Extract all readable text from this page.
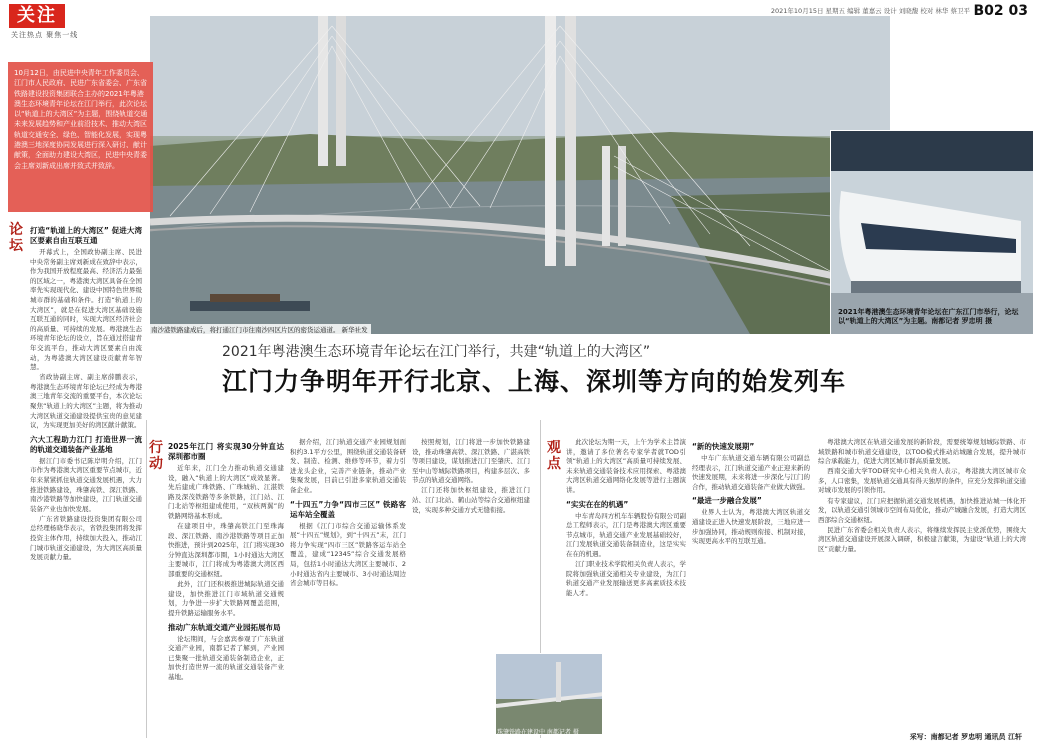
关注
关注热点 聚焦一线
2021年10月15日 星期五 编辑 董嘉云 设计 刘晓馥 校对 林华 蔡卫平 B02 03
南沙港铁路建成后，将打通江门市往南沙四区片区的密货运通道。 新华社发
10月12日，由民进中央青年工作委员会、江门市人民政府、民进广东省委会、广东省铁路建设投资集团联合主办的2021年粤港澳生态环境青年论坛在江门举行，此次论坛以“轨道上的大湾区”为主题，围绕轨道交通未来发展趋势和产业前沿技术、推动大湾区轨道交通安全、绿色、智能化发展，实现粤港澳三地深度协同发展进行深入研讨、献计献策，全面助力建设大湾区，民进中央青委会主席刘新成出席并致式并致辞。
2021年粤港澳生态环境青年论坛在广东江门市举行，论坛以“轨道上的大湾区”为主题。南都记者 罗忠明 摄
2021年粤港澳生态环境青年论坛在江门举行，共建“轨道上的大湾区”
江门力争明年开行北京、上海、深圳等方向的始发列车
论坛
行动
观点
打造“轨道上的大湾区” 促进大湾区要素自由互联互通

开幕式上，全国政协副主席、民进中央常务副主席刘新成在致辞中表示，作为我国开放程度最高、经济活力最强的区域之一，粤港澳大湾区具备在全国率先实现现代化、建设中国特色世界级城市群的基础和条件。打造“轨道上的大湾区”，就是在促进大湾区基础设施互联互通的同时，实现大湾区经济社会的高质量、可持续的发展。粤港澳生态环境青年论坛的设立，旨在通过搭建青年交流平台，推动大湾区要素自由流动，为粤港澳大湾区建设贡献青年智慧。

省政协副主席、副主席薛鹏表示，粤港澳生态环境青年论坛已经成为粤港澳三地青年交流的重要平台，本次论坛聚焦“轨道上的大湾区”主题，将为推动大湾区轨道交通建设提供宝贵的意见建议，为实现更加美好的湾区献计献策。

六大工程助力江门 打造世界一流的轨道交通装备产业基地

据江门市委书记陈岸明介绍，江门市作为粤港澳大湾区重要节点城市，近年来紧紧抓住轨道交通发展机遇，大力推进铁路建设，珠肇高铁、深江铁路、南沙港铁路等加快建设，江门轨道交通装备产业也加快发展。

广东省铁路建设投资集团有限公司总经理杨晓华表示，省铁投集团将发挥投资主体作用，持续加大投入，推动江门城市轨道交通建设，为大湾区高质量发展贡献力量。

2025年江门 将实现30分钟直达深圳都市圈

近年来，江门全力推动轨道交通建设，融入“轨道上的大湾区”成效显著。先后建成广珠铁路、广珠城轨、江湛铁路及深茂铁路等多条铁路，江门站、江门北站等枢纽建成使用，“双核两翼”的铁路网络基本形成。

在建项目中，珠肇高铁江门至珠海段、深江铁路、南沙港铁路等项目正加快推进，预计到2025年，江门将实现30分钟直达深圳都市圈，1小时通达大湾区主要城市，江门将成为粤港澳大湾区西部重要的交通枢纽。

此外，江门还积极推进城际轨道交通建设，加快推进江门市域轨道交通规划，力争进一步扩大铁路网覆盖范围，提升铁路运输服务水平。

推动广东轨道交通产业园拓展布局

论坛期间，与会嘉宾参观了广东轨道交通产业园，南都记者了解到，产业园已集聚一批轨道交通装备制造企业，正加快打造世界一流的轨道交通装备产业基地。

据介绍，江门轨道交通产业园规划面积约3.1平方公里，围绕轨道交通装备研发、制造、检测、维修等环节，着力引进龙头企业，完善产业链条，推动产业集聚发展，目前已引进多家轨道交通装备企业。

“十四五”力争“四市三区” 铁路客运车站全覆盖

根据《江门市综合交通运输体系发展“十四五”规划》，到“十四五”末，江门将力争实现“四市三区”铁路客运车站全覆盖，建成“12345”综合交通发展格局，包括1小时通达大湾区主要城市、2小时通达省内主要城市、3小时通达周边省会城市等目标。

按照规划，江门将进一步加快铁路建设，推动珠肇高铁、深江铁路、广湛高铁等项目建设，谋划推进江门至肇庆、江门至中山等城际铁路项目，构建多层次、多节点的轨道交通网络。

江门还将加快枢纽建设，推进江门站、江门北站、鹤山站等综合交通枢纽建设，实现多种交通方式无缝衔接。

此次论坛为期一天，上午为学术主旨演讲，邀请了多位著名专家学者就TOD引领“轨道上的大湾区”高质量可持续发展、未来轨道交通装备技术应用探索、粤港澳大湾区轨道交通网络化发展等进行主题演讲。

“实实在在的机遇”

中车青岛四方机车车辆股份有限公司副总工程师表示，江门是粤港澳大湾区重要节点城市，轨道交通产业发展基础较好，江门发展轨道交通装备制造业，这是实实在在的机遇。

江门职业技术学院相关负责人表示，学院将加强轨道交通相关专业建设，为江门轨道交通产业发展输送更多高素质技术技能人才。

“新的快速发展期”

中车广东轨道交通车辆有限公司副总经理表示，江门轨道交通产业正迎来新的快速发展期，未来将进一步深化与江门的合作，推动轨道交通装备产业做大做强。

“最进一步融合发展”

业界人士认为，粤港澳大湾区轨道交通建设正进入快速发展阶段，三地应进一步加强协同，推动规则衔接、机制对接，实现更高水平的互联互通。

粤港澳大湾区在轨道交通发展的新阶段，需要统筹规划城际铁路、市域铁路和城市轨道交通建设，以TOD模式推动站城融合发展，提升城市综合承载能力，促进大湾区城市群高质量发展。

西南交通大学TOD研究中心相关负责人表示，粤港澳大湾区城市众多，人口密集，发展轨道交通具有得天独厚的条件，应充分发挥轨道交通对城市发展的引领作用。

有专家建议，江门应把握轨道交通发展机遇，加快推进站城一体化开发，以轨道交通引领城市空间布局优化，推动产城融合发展，打造大湾区西部综合交通枢纽。

民进广东省委会相关负责人表示，将继续发挥民主党派优势，围绕大湾区轨道交通建设开展深入调研，积极建言献策，为建设“轨道上的大湾区”贡献力量。

珠肇铁路在建设中 南都记者 摄
采写：南都记者 罗忠明 通讯员 江轩
